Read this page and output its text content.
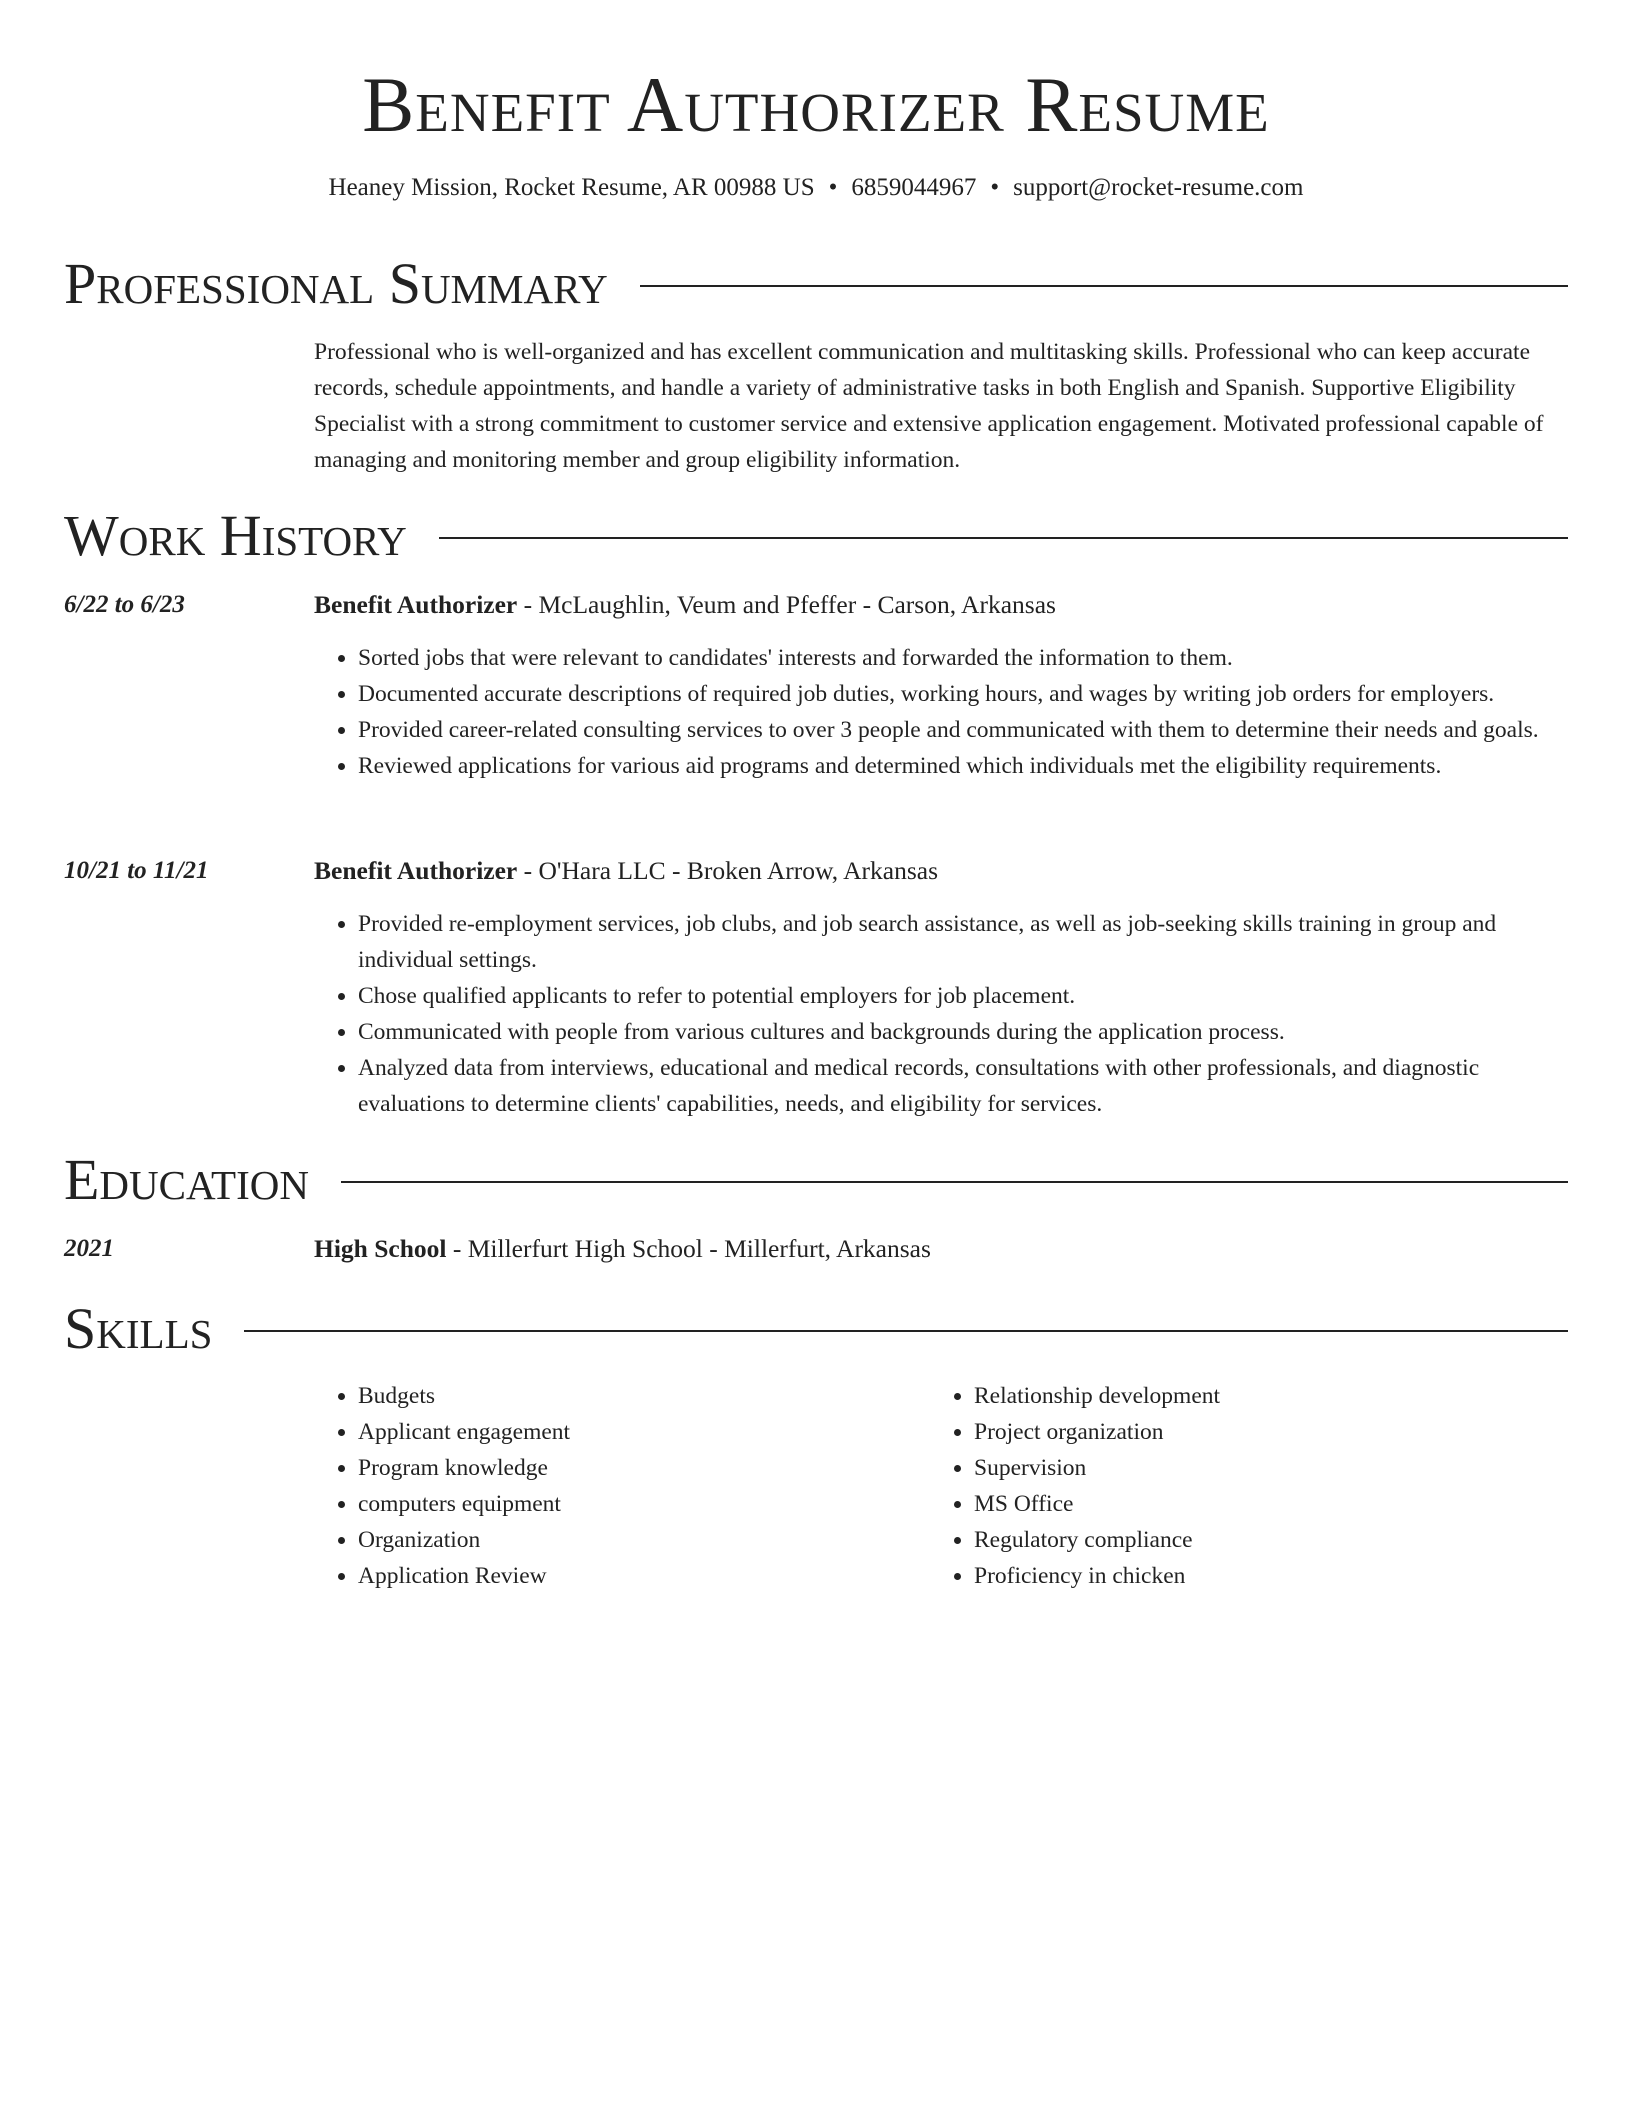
Benefit Authorizer Resume
Heaney Mission, Rocket Resume, AR 00988 US • 6859044967 • support@rocket-resume.com
Professional Summary

Professional who is well-organized and has excellent communication and multitasking skills. Professional who can keep accurate records, schedule appointments, and handle a variety of administrative tasks in both English and Spanish. Supportive Eligibility Specialist with a strong commitment to customer service and extensive application engagement. Motivated professional capable of managing and monitoring member and group eligibility information.

Work History
6/22 to 6/23	Benefit Authorizer - McLaughlin, Veum and Pfeffer - Carson, Arkansas
• Sorted jobs that were relevant to candidates' interests and forwarded the information to them.
• Documented accurate descriptions of required job duties, working hours, and wages by writing job orders for employers.
• Provided career-related consulting services to over 3 people and communicated with them to determine their needs and goals.
• Reviewed applications for various aid programs and determined which individuals met the eligibility requirements.
10/21 to 11/21	Benefit Authorizer - O'Hara LLC - Broken Arrow, Arkansas
• Provided re-employment services, job clubs, and job search assistance, as well as job-seeking skills training in group and individual settings.
• Chose qualified applicants to refer to potential employers for job placement.
• Communicated with people from various cultures and backgrounds during the application process.
• Analyzed data from interviews, educational and medical records, consultations with other professionals, and diagnostic evaluations to determine clients' capabilities, needs, and eligibility for services.
Education
2021	High School - Millerfurt High School - Millerfurt, Arkansas
Skills
• Budgets
• Applicant engagement
• Program knowledge
• computers equipment
• Organization
• Application Review
• Relationship development
• Project organization
• Supervision
• MS Office
• Regulatory compliance
• Proficiency in chicken
